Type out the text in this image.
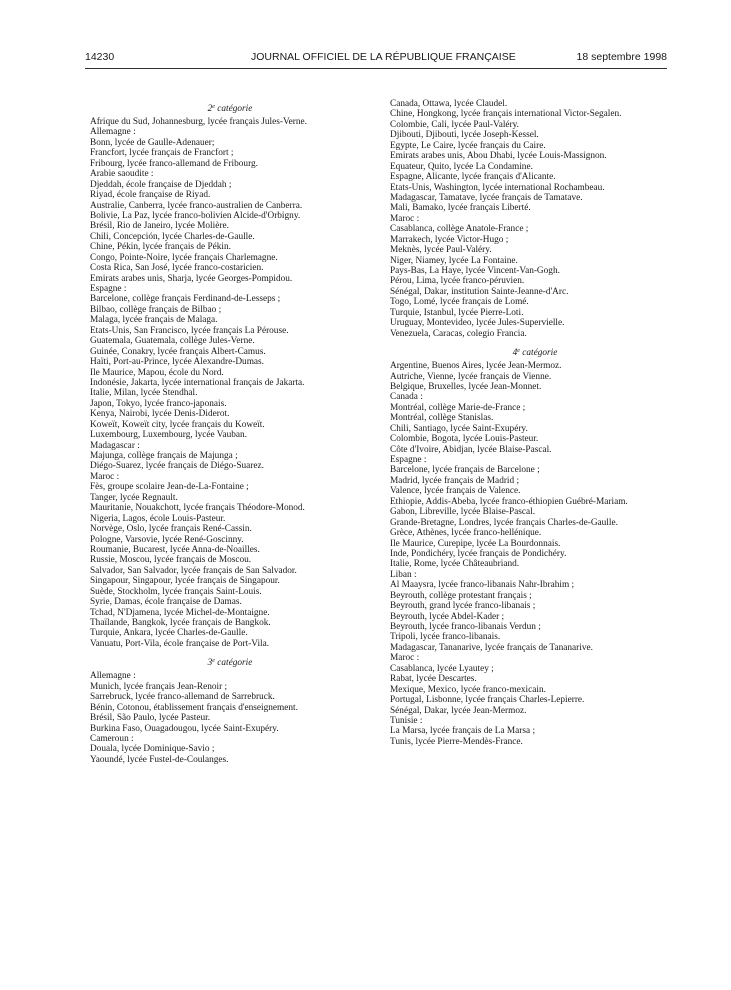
14230	JOURNAL OFFICIEL DE LA RÉPUBLIQUE FRANÇAISE	18 septembre 1998
2e catégorie
Afrique du Sud, Johannesburg, lycée français Jules-Verne.
Allemagne :
Bonn, lycée de Gaulle-Adenauer;
Francfort, lycée français de Francfort ;
Fribourg, lycée franco-allemand de Fribourg.
Arabie saoudite :
Djeddah, école française de Djeddah ;
Riyad, école française de Riyad.
Australie, Canberra, lycée franco-australien de Canberra.
Bolivie, La Paz, lycée franco-bolivien Alcide-d'Orbigny.
Brésil, Rio de Janeiro, lycée Molière.
Chili, Concepción, lycée Charles-de-Gaulle.
Chine, Pékin, lycée français de Pékin.
Congo, Pointe-Noire, lycée français Charlemagne.
Costa Rica, San José, lycée franco-costaricien.
Emirats arabes unis, Sharja, lycée Georges-Pompidou.
Espagne :
Barcelone, collège français Ferdinand-de-Lesseps ;
Bilbao, collège français de Bilbao ;
Malaga, lycée français de Malaga.
Etats-Unis, San Francisco, lycée français La Pérouse.
Guatemala, Guatemala, collège Jules-Verne.
Guinée, Conakry, lycée français Albert-Camus.
Haïti, Port-au-Prince, lycée Alexandre-Dumas.
Ile Maurice, Mapou, école du Nord.
Indonésie, Jakarta, lycée international français de Jakarta.
Italie, Milan, lycée Stendhal.
Japon, Tokyo, lycée franco-japonais.
Kenya, Nairobi, lycée Denis-Diderot.
Koweït, Koweït city, lycée français du Koweït.
Luxembourg, Luxembourg, lycée Vauban.
Madagascar :
Majunga, collège français de Majunga ;
Diégo-Suarez, lycée français de Diégo-Suarez.
Maroc :
Fès, groupe scolaire Jean-de-La-Fontaine ;
Tanger, lycée Regnault.
Mauritanie, Nouakchott, lycée français Théodore-Monod.
Nigeria, Lagos, école Louis-Pasteur.
Norvège, Oslo, lycée français René-Cassin.
Pologne, Varsovie, lycée René-Goscinny.
Roumanie, Bucarest, lycée Anna-de-Noailles.
Russie, Moscou, lycée français de Moscou.
Salvador, San Salvador, lycée français de San Salvador.
Singapour, Singapour, lycée français de Singapour.
Suède, Stockholm, lycée français Saint-Louis.
Syrie, Damas, école française de Damas.
Tchad, N'Djamena, lycée Michel-de-Montaigne.
Thaïlande, Bangkok, lycée français de Bangkok.
Turquie, Ankara, lycée Charles-de-Gaulle.
Vanuatu, Port-Vila, école française de Port-Vila.
3e catégorie
Allemagne :
Munich, lycée français Jean-Renoir ;
Sarrebruck, lycée franco-allemand de Sarrebruck.
Bénin, Cotonou, établissement français d'enseignement.
Brésil, São Paulo, lycée Pasteur.
Burkina Faso, Ouagadougou, lycée Saint-Exupéry.
Cameroun :
Douala, lycée Dominique-Savio ;
Yaoundé, lycée Fustel-de-Coulanges.
Canada, Ottawa, lycée Claudel.
Chine, Hongkong, lycée français international Victor-Segalen.
Colombie, Cali, lycée Paul-Valéry.
Djibouti, Djibouti, lycée Joseph-Kessel.
Egypte, Le Caire, lycée français du Caire.
Emirats arabes unis, Abou Dhabi, lycée Louis-Massignon.
Equateur, Quito, lycée La Condamine.
Espagne, Alicante, lycée français d'Alicante.
Etats-Unis, Washington, lycée international Rochambeau.
Madagascar, Tamatave, lycée français de Tamatave.
Mali, Bamako, lycée français Liberté.
Maroc :
Casablanca, collège Anatole-France ;
Marrakech, lycée Victor-Hugo ;
Meknès, lycée Paul-Valéry.
Niger, Niamey, lycée La Fontaine.
Pays-Bas, La Haye, lycée Vincent-Van-Gogh.
Pérou, Lima, lycée franco-péruvien.
Sénégal, Dakar, institution Sainte-Jeanne-d'Arc.
Togo, Lomé, lycée français de Lomé.
Turquie, Istanbul, lycée Pierre-Loti.
Uruguay, Montevideo, lycée Jules-Supervielle.
Venezuela, Caracas, colegio Francia.
4e catégorie
Argentine, Buenos Aires, lycée Jean-Mermoz.
Autriche, Vienne, lycée français de Vienne.
Belgique, Bruxelles, lycée Jean-Monnet.
Canada :
Montréal, collège Marie-de-France ;
Montréal, collège Stanislas.
Chili, Santiago, lycée Saint-Exupéry.
Colombie, Bogota, lycée Louis-Pasteur.
Côte d'Ivoire, Abidjan, lycée Blaise-Pascal.
Espagne :
Barcelone, lycée français de Barcelone ;
Madrid, lycée français de Madrid ;
Valence, lycée français de Valence.
Ethiopie, Addis-Abeba, lycée franco-éthiopien Guébré-Mariam.
Gabon, Libreville, lycée Blaise-Pascal.
Grande-Bretagne, Londres, lycée français Charles-de-Gaulle.
Grèce, Athènes, lycée franco-hellénique.
Ile Maurice, Curepipe, lycée La Bourdonnais.
Inde, Pondichéry, lycée français de Pondichéry.
Italie, Rome, lycée Châteaubriand.
Liban :
Al Maaysra, lycée franco-libanais Nahr-Ibrahim ;
Beyrouth, collège protestant français ;
Beyrouth, grand lycée franco-libanais ;
Beyrouth, lycée Abdel-Kader ;
Beyrouth, lycée franco-libanais Verdun ;
Tripoli, lycée franco-libanais.
Madagascar, Tananarive, lycée français de Tananarive.
Maroc :
Casablanca, lycée Lyautey ;
Rabat, lycée Descartes.
Mexique, Mexico, lycée franco-mexicain.
Portugal, Lisbonne, lycée français Charles-Lepierre.
Sénégal, Dakar, lycée Jean-Mermoz.
Tunisie :
La Marsa, lycée français de La Marsa ;
Tunis, lycée Pierre-Mendès-France.
